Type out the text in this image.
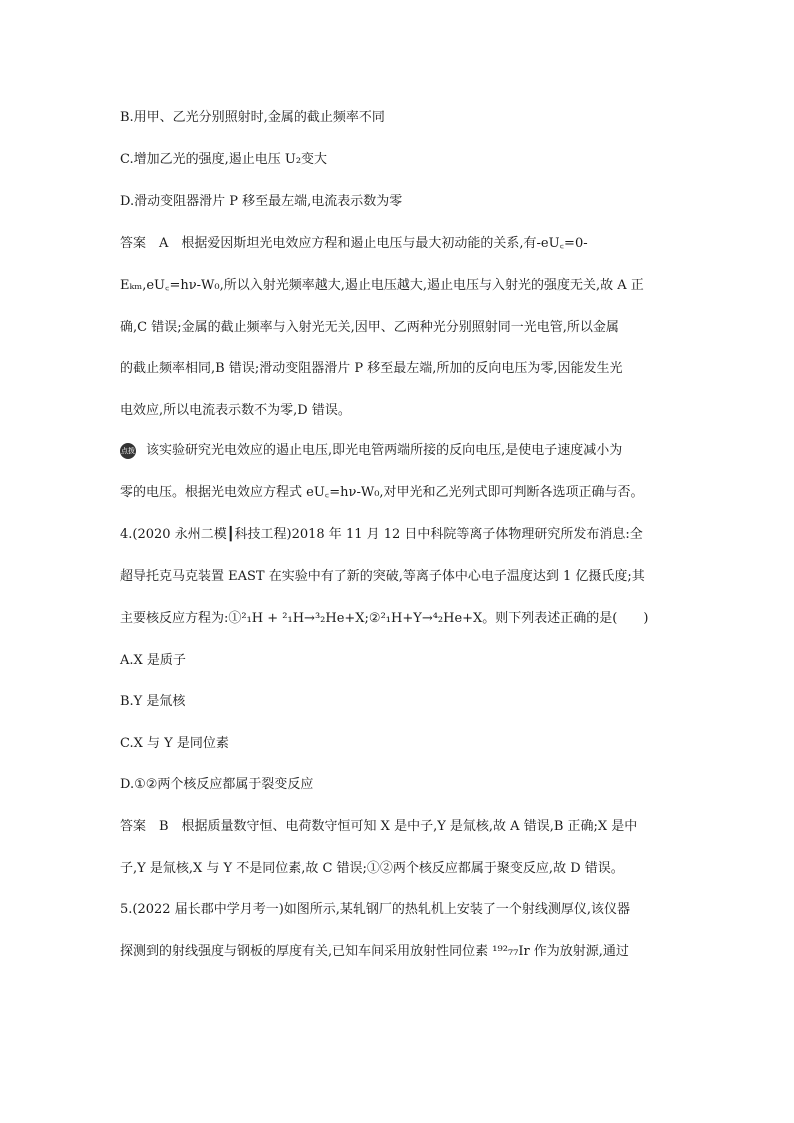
B.用甲、乙光分别照射时,金属的截止频率不同
C.增加乙光的强度,遏止电压 U₂变大
D.滑动变阻器滑片 P 移至最左端,电流表示数为零
答案　A　根据爱因斯坦光电效应方程和遏止电压与最大初动能的关系,有-eU꜀=0-
Eₖₘ,eU꜀=hν-W₀,所以入射光频率越大,遏止电压越大,遏止电压与入射光的强度无关,故 A 正
确,C 错误;金属的截止频率与入射光无关,因甲、乙两种光分别照射同一光电管,所以金属
的截止频率相同,B 错误;滑动变阻器滑片 P 移至最左端,所加的反向电压为零,因能发生光
电效应,所以电流表示数不为零,D 错误。
点拨 该实验研究光电效应的遏止电压,即光电管两端所接的反向电压,是使电子速度减小为
零的电压。根据光电效应方程式 eU꜀=hν-W₀,对甲光和乙光列式即可判断各选项正确与否。
4.(2020 永州二模┃科技工程)2018 年 11 月 12 日中科院等离子体物理研究所发布消息:全
超导托克马克装置 EAST 在实验中有了新的突破,等离子体中心电子温度达到 1 亿摄氏度;其
主要核反应方程为:①²₁H + ²₁H→³₂He+X;②²₁H+Y→⁴₂He+X。则下列表述正确的是(　　)
A.X 是质子
B.Y 是氚核
C.X 与 Y 是同位素
D.①②两个核反应都属于裂变反应
答案　B　根据质量数守恒、电荷数守恒可知 X 是中子,Y 是氚核,故 A 错误,B 正确;X 是中
子,Y 是氚核,X 与 Y 不是同位素,故 C 错误;①②两个核反应都属于聚变反应,故 D 错误。
5.(2022 届长郡中学月考一)如图所示,某轧钢厂的热轧机上安装了一个射线测厚仪,该仪器
探测到的射线强度与钢板的厚度有关,已知车间采用放射性同位素 ¹⁹²₇₇Ir 作为放射源,通过
